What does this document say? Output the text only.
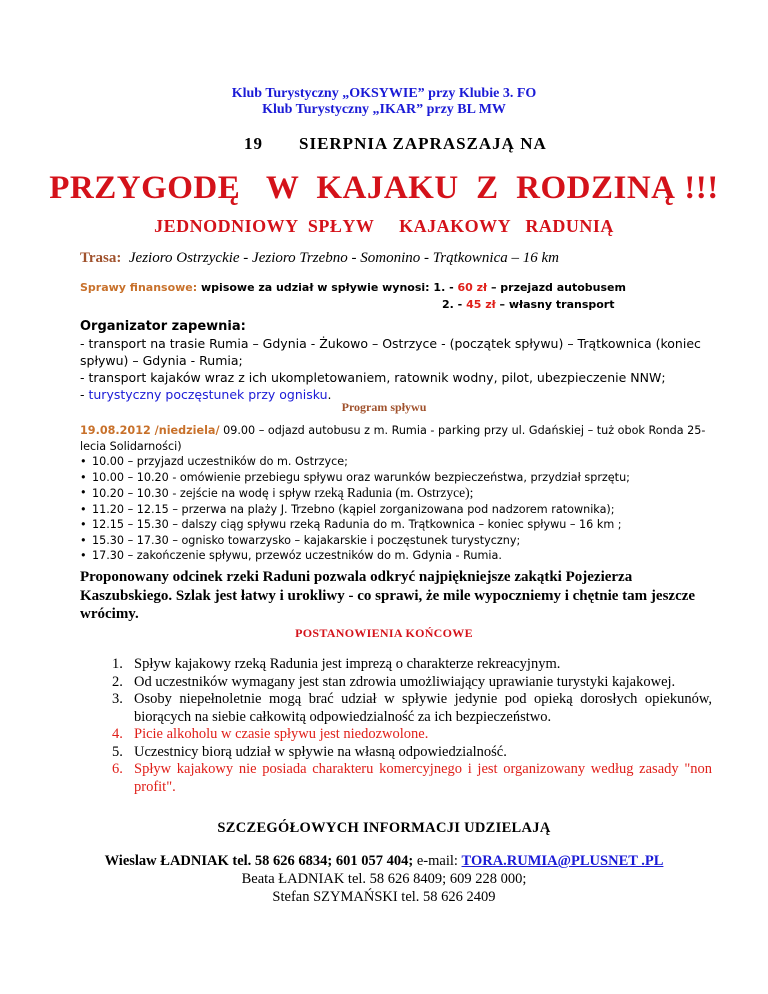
Klub Turystyczny „OKSYWIE” przy Klubie 3. FO
Klub Turystyczny „IKAR” przy BL MW
19 SIERPNIA ZAPRASZAJĄ NA
PRZYGODĘ   W  KAJAKU  Z  RODZINĄ !!!
JEDNODNIOWY  SPŁYW     KAJAKOWY   RADUNIĄ
Trasa: Jezioro Ostrzyckie - Jezioro Trzebno - Somonino - Trątkownica – 16 km
Sprawy finansowe: wpisowe za udział w spływie wynosi: 1. - 60 zł – przejazd autobusem
2. - 45 zł – własny transport
Organizator zapewnia:
- transport na trasie Rumia – Gdynia - Żukowo – Ostrzyce - (początek spływu) – Trątkownica (koniec spływu) – Gdynia - Rumia;
- transport kajaków wraz z ich ukompletowaniem, ratownik wodny, pilot, ubezpieczenie NNW;
- turystyczny poczęstunek przy ognisku.
Program spływu
19.08.2012 /niedziela/ 09.00 – odjazd autobusu z m. Rumia - parking przy ul. Gdańskiej – tuż obok Ronda 25-lecia Solidarności)
• 10.00 – przyjazd uczestników do m. Ostrzyce;
• 10.00 – 10.20 - omówienie przebiegu spływu oraz warunków bezpieczeństwa, przydział sprzętu;
• 10.20 – 10.30 - zejście na wodę i spływ rzeką Radunia (m. Ostrzyce);
• 11.20 – 12.15 – przerwa na plaży J. Trzebno (kąpiel zorganizowana pod nadzorem ratownika);
• 12.15 – 15.30 – dalszy ciąg spływu rzeką Radunia do m. Trątkownica – koniec spływu – 16 km ;
• 15.30 – 17.30 – ognisko towarzysko – kajakarskie i poczęstunek turystyczny;
• 17.30 – zakończenie spływu, przewóz uczestników do m. Gdynia - Rumia.
Proponowany odcinek rzeki Raduni pozwala odkryć najpiękniejsze zakątki Pojezierza Kaszubskiego. Szlak jest łatwy i urokliwy - co sprawi, że mile wypoczniemy i chętnie tam jeszcze wrócimy.
POSTANOWIENIA KOŃCOWE
1. Spływ kajakowy rzeką Radunia jest imprezą o charakterze rekreacyjnym.
2. Od uczestników wymagany jest stan zdrowia umożliwiający uprawianie turystyki kajakowej.
3. Osoby niepełnoletnie mogą brać udział w spływie jedynie pod opieką dorosłych opiekunów, biorących na siebie całkowitą odpowiedzialność za ich bezpieczeństwo.
4. Picie alkoholu w czasie spływu jest niedozwolone.
5. Uczestnicy biorą udział w spływie na własną odpowiedzialność.
6. Spływ kajakowy nie posiada charakteru komercyjnego i jest organizowany według zasady "non profit".
SZCZEGÓŁOWYCH INFORMACJI UDZIELAJĄ
Wieslaw ŁADNIAK tel. 58 626 6834; 601 057 404; e-mail: TORA.RUMIA@PLUSNET .PL
Beata ŁADNIAK tel. 58 626 8409; 609 228 000;
Stefan SZYMAŃSKI tel. 58 626 2409
